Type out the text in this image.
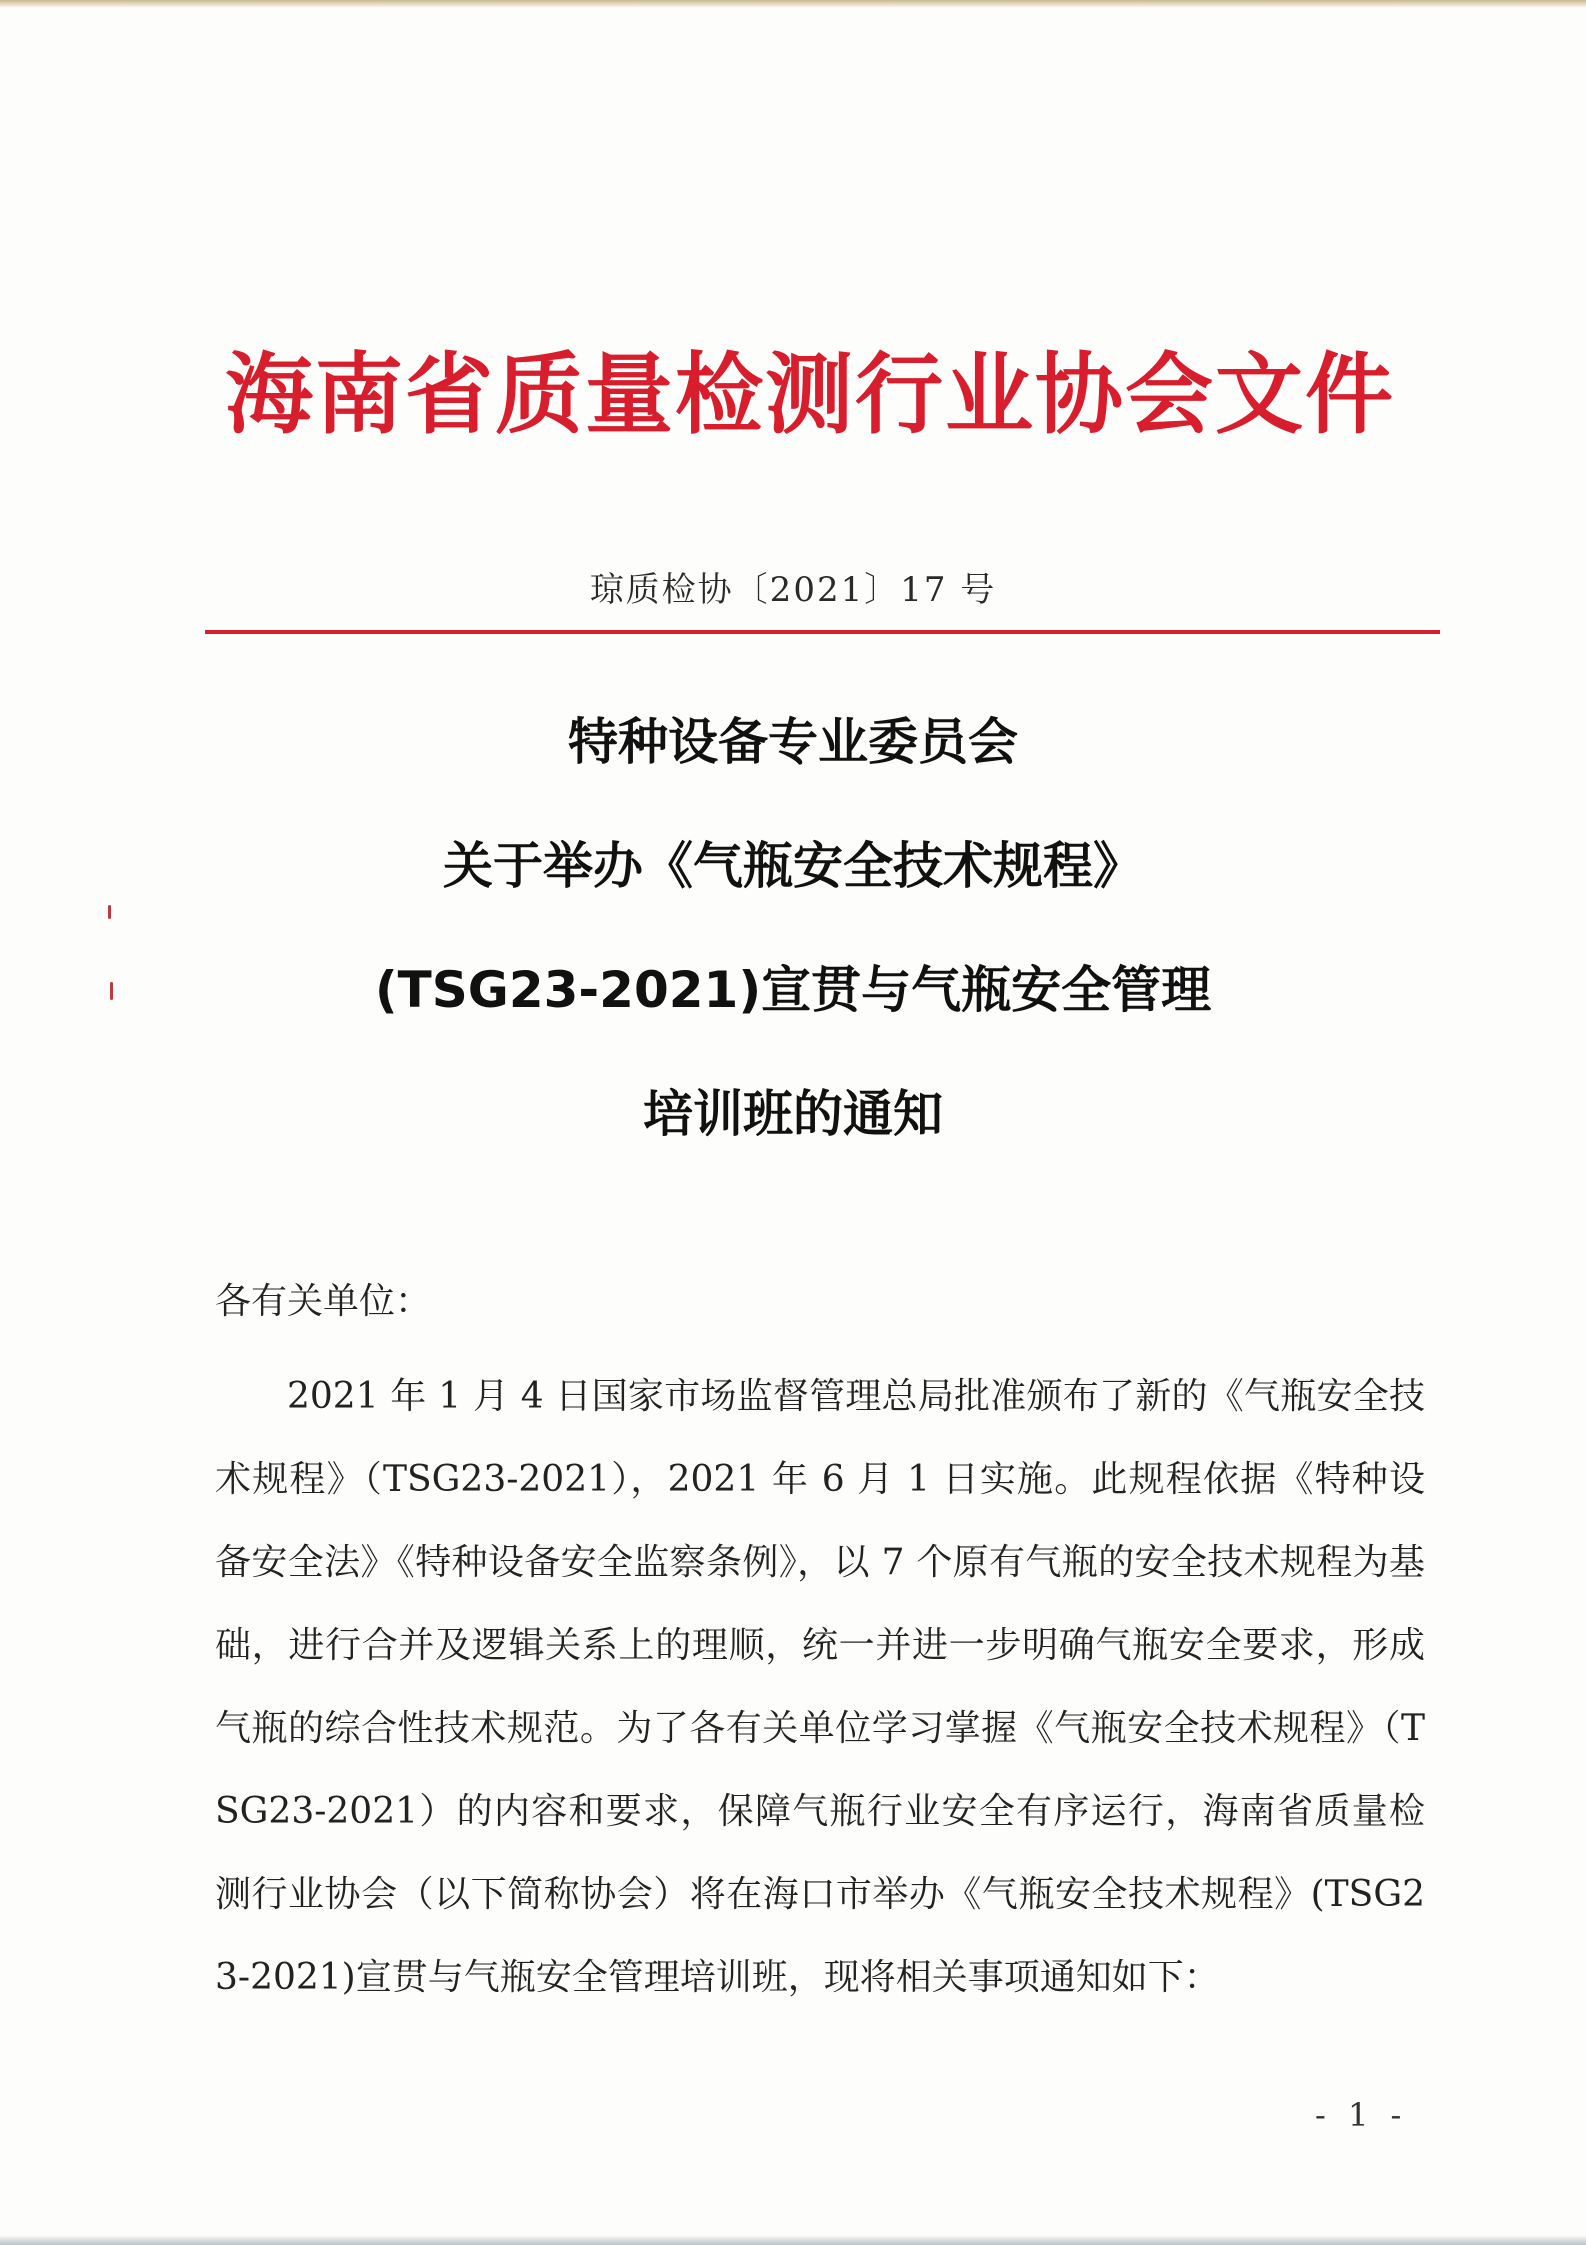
海南省质量检测行业协会文件
琼质检协〔2021〕17 号
特种设备专业委员会
关于举办《气瓶安全技术规程》
(TSG23-2021)宣贯与气瓶安全管理
培训班的通知
各有关单位：
2021 年 1 月 4 日国家市场监督管理总局批准颁布了新的《气瓶安全技术规程》（TSG23-2021），2021 年 6 月 1 日实施。此规程依据《特种设备安全法》《特种设备安全监察条例》，以 7 个原有气瓶的安全技术规程为基础，进行合并及逻辑关系上的理顺，统一并进一步明确气瓶安全要求，形成气瓶的综合性技术规范。为了各有关单位学习掌握《气瓶安全技术规程》（TSG23-2021）的内容和要求，保障气瓶行业安全有序运行，海南省质量检测行业协会（以下简称协会）将在海口市举办《气瓶安全技术规程》(TSG23-2021)宣贯与气瓶安全管理培训班，现将相关事项通知如下：
- 1 -
